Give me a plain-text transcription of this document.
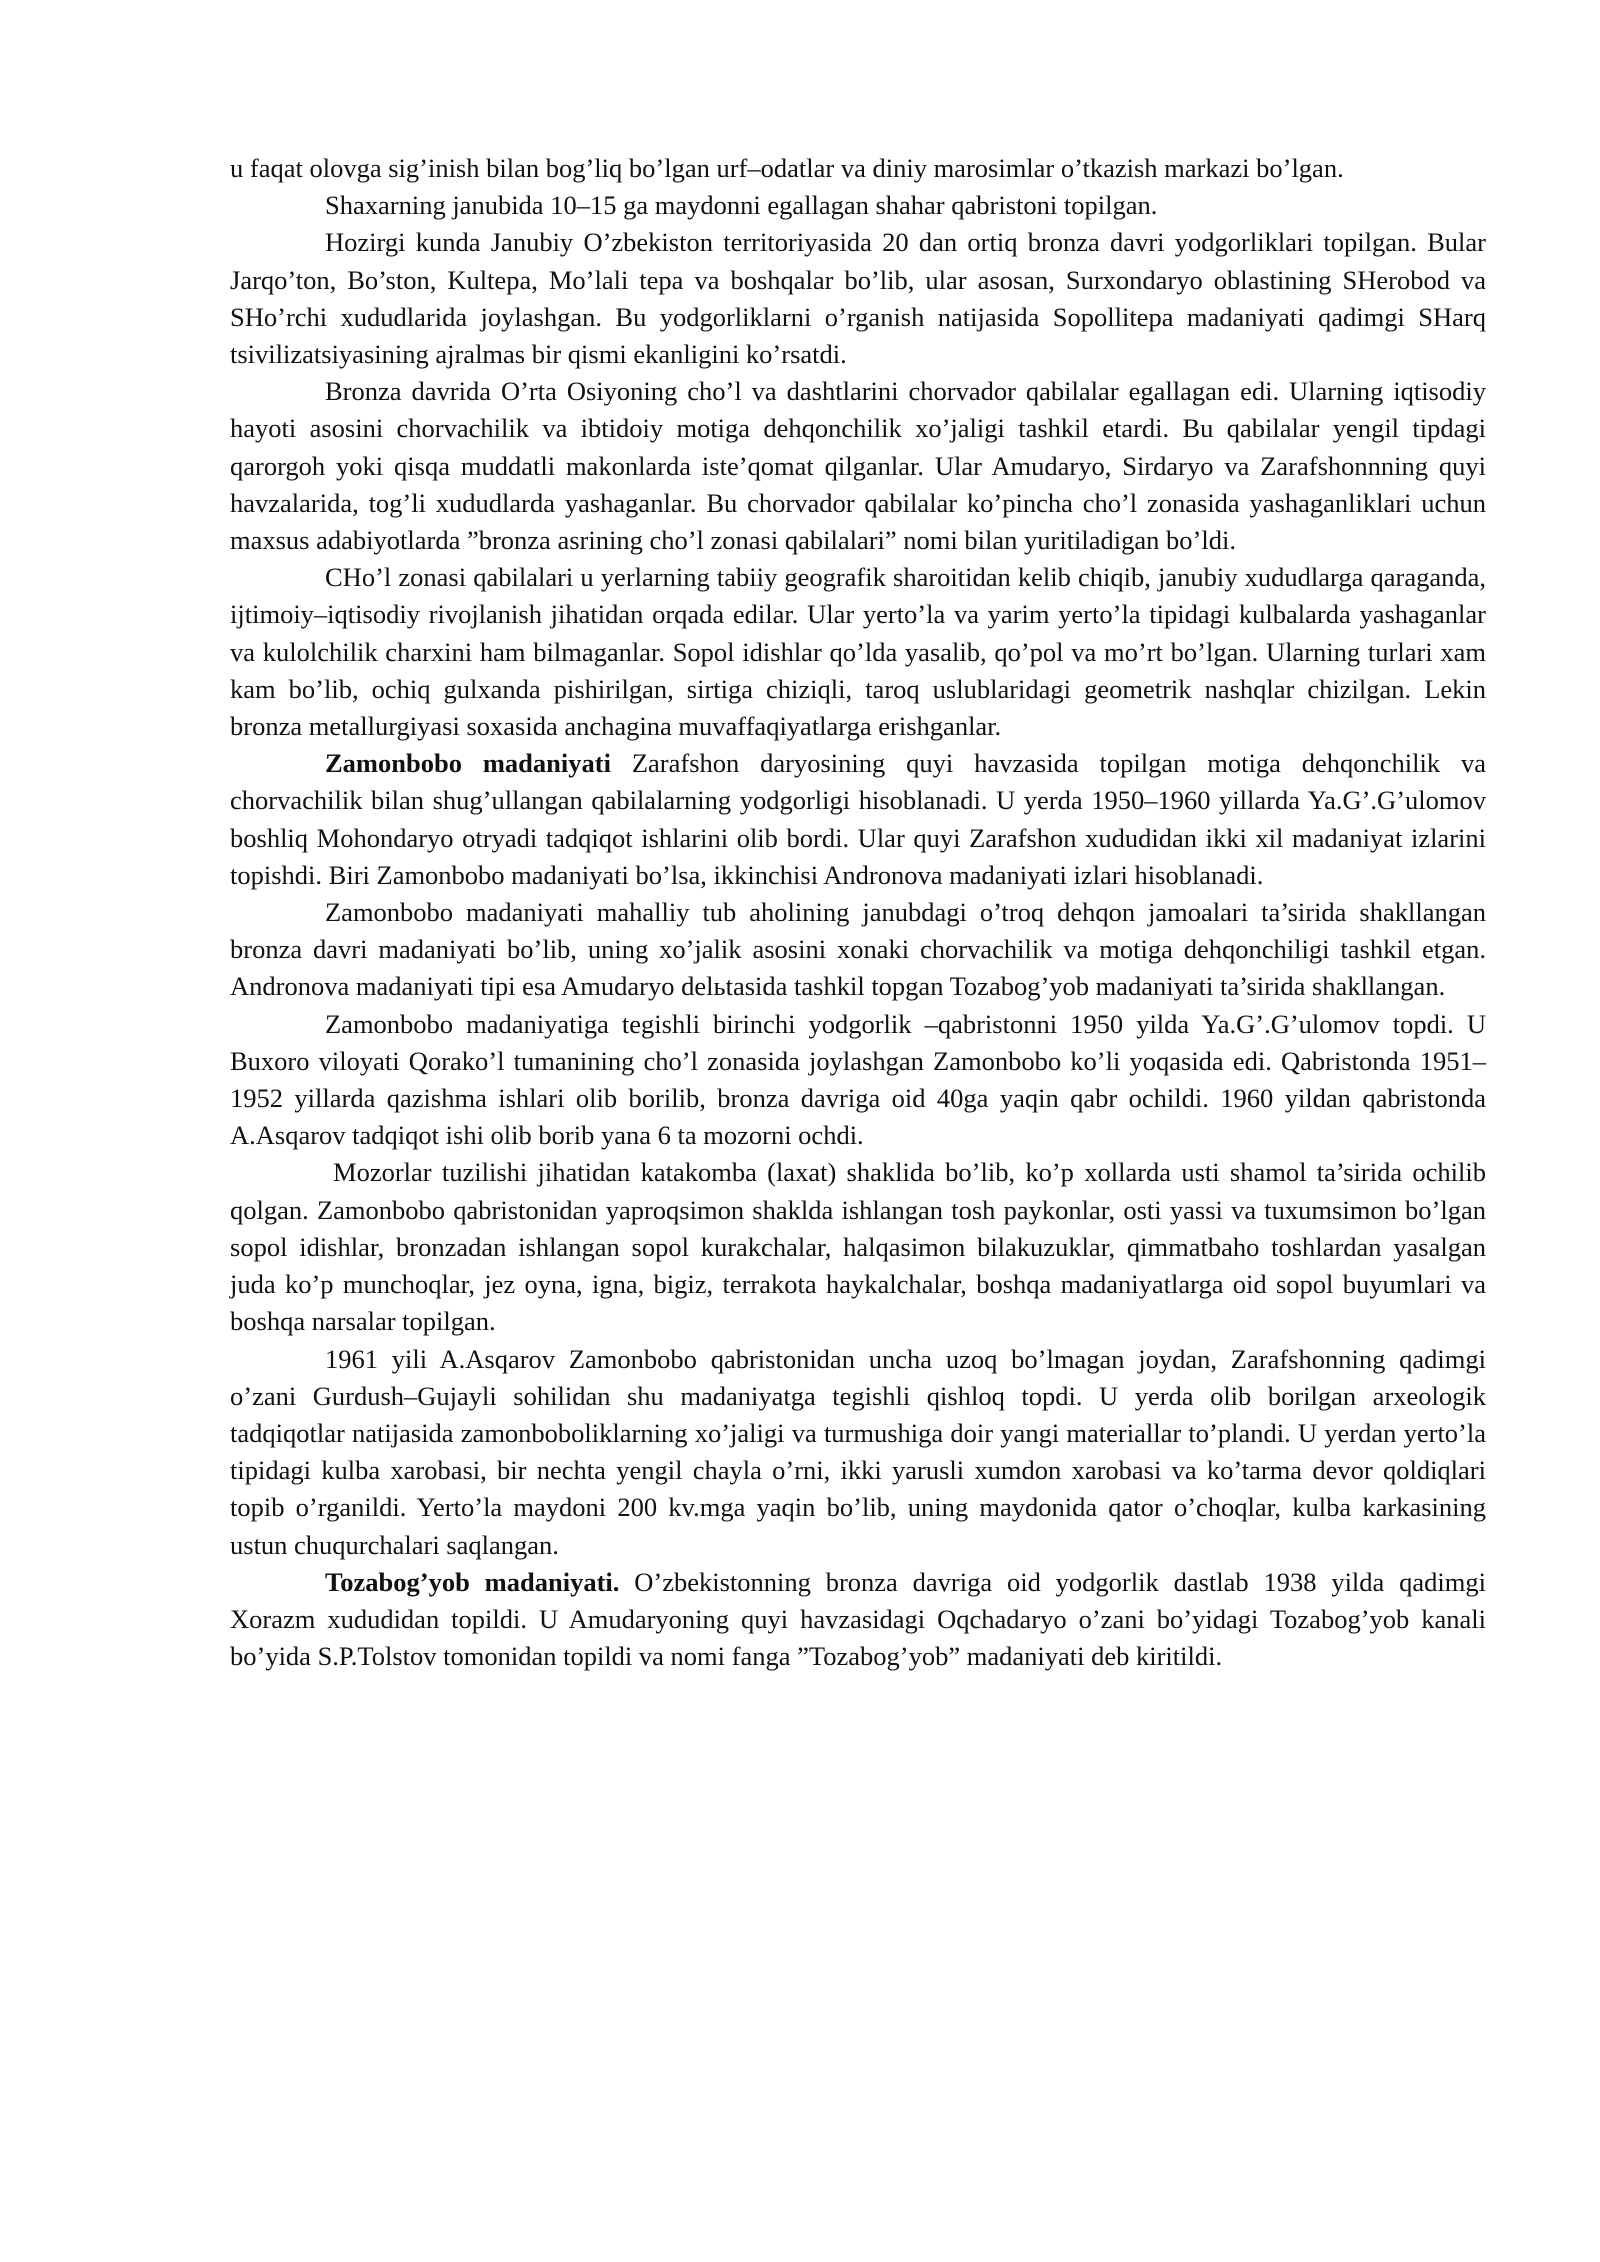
u faqat olovga sig’inish bilan bog’liq bo’lgan urf–odatlar va diniy marosimlar o’tkazish markazi bo’lgan.

Shaxarning janubida 10–15 ga maydonni egallagan shahar qabristoni topilgan.

Hozirgi kunda Janubiy O’zbekiston territoriyasida 20 dan ortiq bronza davri yodgorliklari topilgan. Bular Jarqo’ton, Bo’ston, Kultepa, Mo’lali tepa va boshqalar bo’lib, ular asosan, Surxondaryo oblastining SHerobod va SHo’rchi xududlarida joylashgan. Bu yodgorliklarni o’rganish natijasida Sopollitepa madaniyati qadimgi SHarq tsivilizatsiyasining ajralmas bir qismi ekanligini ko’rsatdi.

Bronza davrida O’rta Osiyoning cho’l va dashtlarini chorvador qabilalar egallagan edi. Ularning iqtisodiy hayoti asosini chorvachilik va ibtidoiy motiga dehqonchilik xo’jaligi tashkil etardi. Bu qabilalar yengil tipdagi qarorgoh yoki qisqa muddatli makonlarda iste’qomat qilganlar. Ular Amudaryo, Sirdaryo va Zarafshonnning quyi havzalarida, tog’li xududlarda yashaganlar. Bu chorvador qabilalar ko’pincha cho’l zonasida yashaganliklari uchun maxsus adabiyotlarda ”bronza asrining cho’l zonasi qabilalari” nomi bilan yuritiladigan bo’ldi.

CHo’l zonasi qabilalari u yerlarning tabiiy geografik sharoitidan kelib chiqib, janubiy xududlarga qaraganda, ijtimoiy–iqtisodiy rivojlanish jihatidan orqada edilar. Ular yerto’la va yarim yerto’la tipidagi kulbalarda yashaganlar va kulolchilik charxini ham bilmaganlar. Sopol idishlar qo’lda yasalib, qo’pol va mo’rt bo’lgan. Ularning turlari xam kam bo’lib, ochiq gulxanda pishirilgan, sirtiga chiziqli, taroq uslublaridagi geometrik nashqlar chizilgan. Lekin bronza metallurgiyasi soxasida anchagina muvaffaqiyatlarga erishganlar.

Zamonbobo madaniyati Zarafshon daryosining quyi havzasida topilgan motiga dehqonchilik va chorvachilik bilan shug’ullangan qabilalarning yodgorligi hisoblanadi. U yerda 1950–1960 yillarda Ya.G’.G’ulomov boshliq Mohondaryo otryadi tadqiqot ishlarini olib bordi. Ular quyi Zarafshon xududidan ikki xil madaniyat izlarini topishdi. Biri Zamonbobo madaniyati bo’lsa, ikkinchisi Andronova madaniyati izlari hisoblanadi.

Zamonbobo madaniyati mahalliy tub aholining janubdagi o’troq dehqon jamoalari ta’sirida shakllangan bronza davri madaniyati bo’lib, uning xo’jalik asosini xonaki chorvachilik va motiga dehqonchiligi tashkil etgan. Andronova madaniyati tipi esa Amudaryo delьtasida tashkil topgan Tozabog’yob madaniyati ta’sirida shakllangan.

Zamonbobo madaniyatiga tegishli birinchi yodgorlik –qabristonni 1950 yilda Ya.G’.G’ulomov topdi. U Buxoro viloyati Qorako’l tumanining cho’l zonasida joylashgan Zamonbobo ko’li yoqasida edi. Qabristonda 1951–1952 yillarda qazishma ishlari olib borilib, bronza davriga oid 40ga yaqin qabr ochildi. 1960 yildan qabristonda A.Asqarov tadqiqot ishi olib borib yana 6 ta mozorni ochdi.

Mozorlar tuzilishi jihatidan katakomba (laxat) shaklida bo’lib, ko’p xollarda usti shamol ta’sirida ochilib qolgan. Zamonbobo qabristonidan yaproqsimon shaklda ishlangan tosh paykonlar, osti yassi va tuxumsimon bo’lgan sopol idishlar, bronzadan ishlangan sopol kurakchalar, halqasimon bilakuzuklar, qimmatbaho toshlardan yasalgan juda ko’p munchoqlar, jez oyna, igna, bigiz, terrakota haykalchalar, boshqa madaniyatlarga oid sopol buyumlari va boshqa narsalar topilgan.

1961 yili A.Asqarov Zamonbobo qabristonidan uncha uzoq bo’lmagan joydan, Zarafshonning qadimgi o’zani Gurdush–Gujayli sohilidan shu madaniyatga tegishli qishloq topdi. U yerda olib borilgan arxeologik tadqiqotlar natijasida zamonboboliklarning xo’jaligi va turmushiga doir yangi materiallar to’plandi. U yerdan yerto’la tipidagi kulba xarobasi, bir nechta yengil chayla o’rni, ikki yarusli xumdon xarobasi va ko’tarma devor qoldiqlari topib o’rganildi. Yerto’la maydoni 200 kv.mga yaqin bo’lib, uning maydonida qator o’choqlar, kulba karkasining ustun chuqurchalari saqlangan.

Tozabog’yob madaniyati. O’zbekistonning bronza davriga oid yodgorlik dastlab 1938 yilda qadimgi Xorazm xududidan topildi. U Amudaryoning quyi havzasidagi Oqchadaryo o’zani bo’yidagi Tozabog’yob kanali bo’yida S.P.Tolstov tomonidan topildi va nomi fanga ”Tozabog’yob” madaniyati deb kiritildi.
